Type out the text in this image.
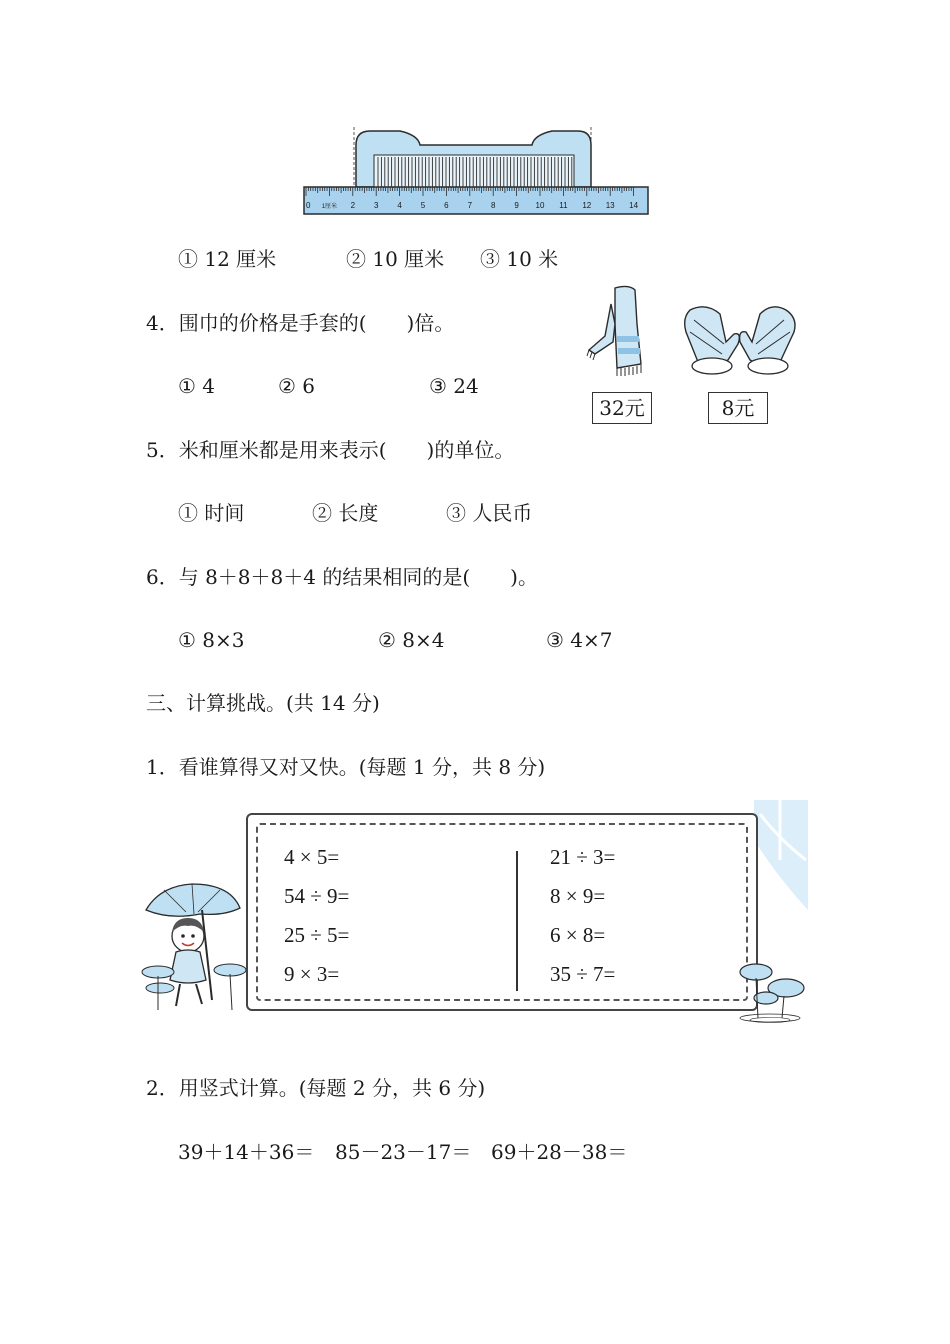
0 1厘米 2 3 4 5 6 7 8 9 10 11 12 13 14
① 12 厘米	② 10 厘米 ③ 10 米
4．围巾的价格是手套的(　　)倍。
① 4	② 6	③ 24
32元	8元
5．米和厘米都是用来表示(　　)的单位。
① 时间	② 长度	③ 人民币
6．与 8＋8＋8＋4 的结果相同的是(　　)。
① 8×3	② 8×4	③ 4×7
三、计算挑战。(共 14 分)
1．看谁算得又对又快。(每题 1 分，共 8 分)
4 × 5=
54 ÷ 9=
25 ÷ 5=
9 × 3=
21 ÷ 3=
8 × 9=
6 × 8=
35 ÷ 7=
2．用竖式计算。(每题 2 分，共 6 分)
39＋14＋36＝ 85－23－17＝ 69＋28－38＝
